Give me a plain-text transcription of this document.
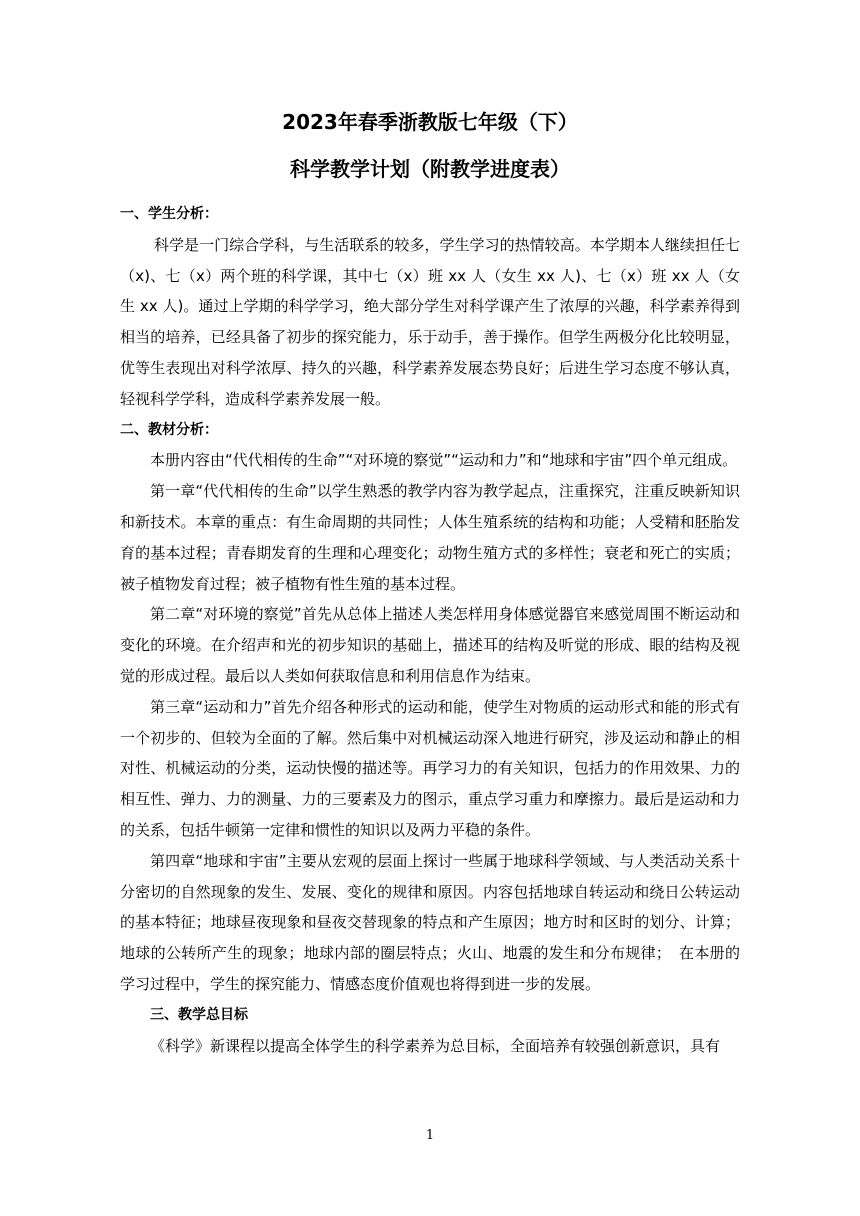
2023年春季浙教版七年级（下）
科学教学计划（附教学进度表）

一、学生分析：

科学是一门综合学科，与生活联系的较多，学生学习的热情较高。本学期本人继续担任七（x)、七（x）两个班的科学课，其中七（x）班 xx 人（女生 xx 人)、七（x）班 xx 人（女生 xx 人)。通过上学期的科学学习，绝大部分学生对科学课产生了浓厚的兴趣，科学素养得到相当的培养，已经具备了初步的探究能力，乐于动手，善于操作。但学生两极分化比较明显，优等生表现出对科学浓厚、持久的兴趣，科学素养发展态势良好；后进生学习态度不够认真，轻视科学学科，造成科学素养发展一般。

二、教材分析：

本册内容由“代代相传的生命”“对环境的察觉”“运动和力”和“地球和宇宙”四个单元组成。

第一章“代代相传的生命”以学生熟悉的教学内容为教学起点，注重探究，注重反映新知识和新技术。本章的重点：有生命周期的共同性；人体生殖系统的结构和功能；人受精和胚胎发育的基本过程；青春期发育的生理和心理变化；动物生殖方式的多样性；衰老和死亡的实质；被子植物发育过程；被子植物有性生殖的基本过程。

第二章“对环境的察觉”首先从总体上描述人类怎样用身体感觉器官来感觉周围不断运动和变化的环境。在介绍声和光的初步知识的基础上，描述耳的结构及听觉的形成、眼的结构及视觉的形成过程。最后以人类如何获取信息和利用信息作为结束。

第三章“运动和力”首先介绍各种形式的运动和能，使学生对物质的运动形式和能的形式有一个初步的、但较为全面的了解。然后集中对机械运动深入地进行研究，涉及运动和静止的相对性、机械运动的分类，运动快慢的描述等。再学习力的有关知识，包括力的作用效果、力的相互性、弹力、力的测量、力的三要素及力的图示，重点学习重力和摩擦力。最后是运动和力的关系，包括牛顿第一定律和惯性的知识以及两力平稳的条件。

第四章“地球和宇宙”主要从宏观的层面上探讨一些属于地球科学领域、与人类活动关系十分密切的自然现象的发生、发展、变化的规律和原因。内容包括地球自转运动和绕日公转运动的基本特征；地球昼夜现象和昼夜交替现象的特点和产生原因；地方时和区时的划分、计算；地球的公转所产生的现象；地球内部的圈层特点；火山、地震的发生和分布规律；　在本册的学习过程中，学生的探究能力、情感态度价值观也将得到进一步的发展。

三、教学总目标

《科学》新课程以提高全体学生的科学素养为总目标，全面培养有较强创新意识，具有

1
